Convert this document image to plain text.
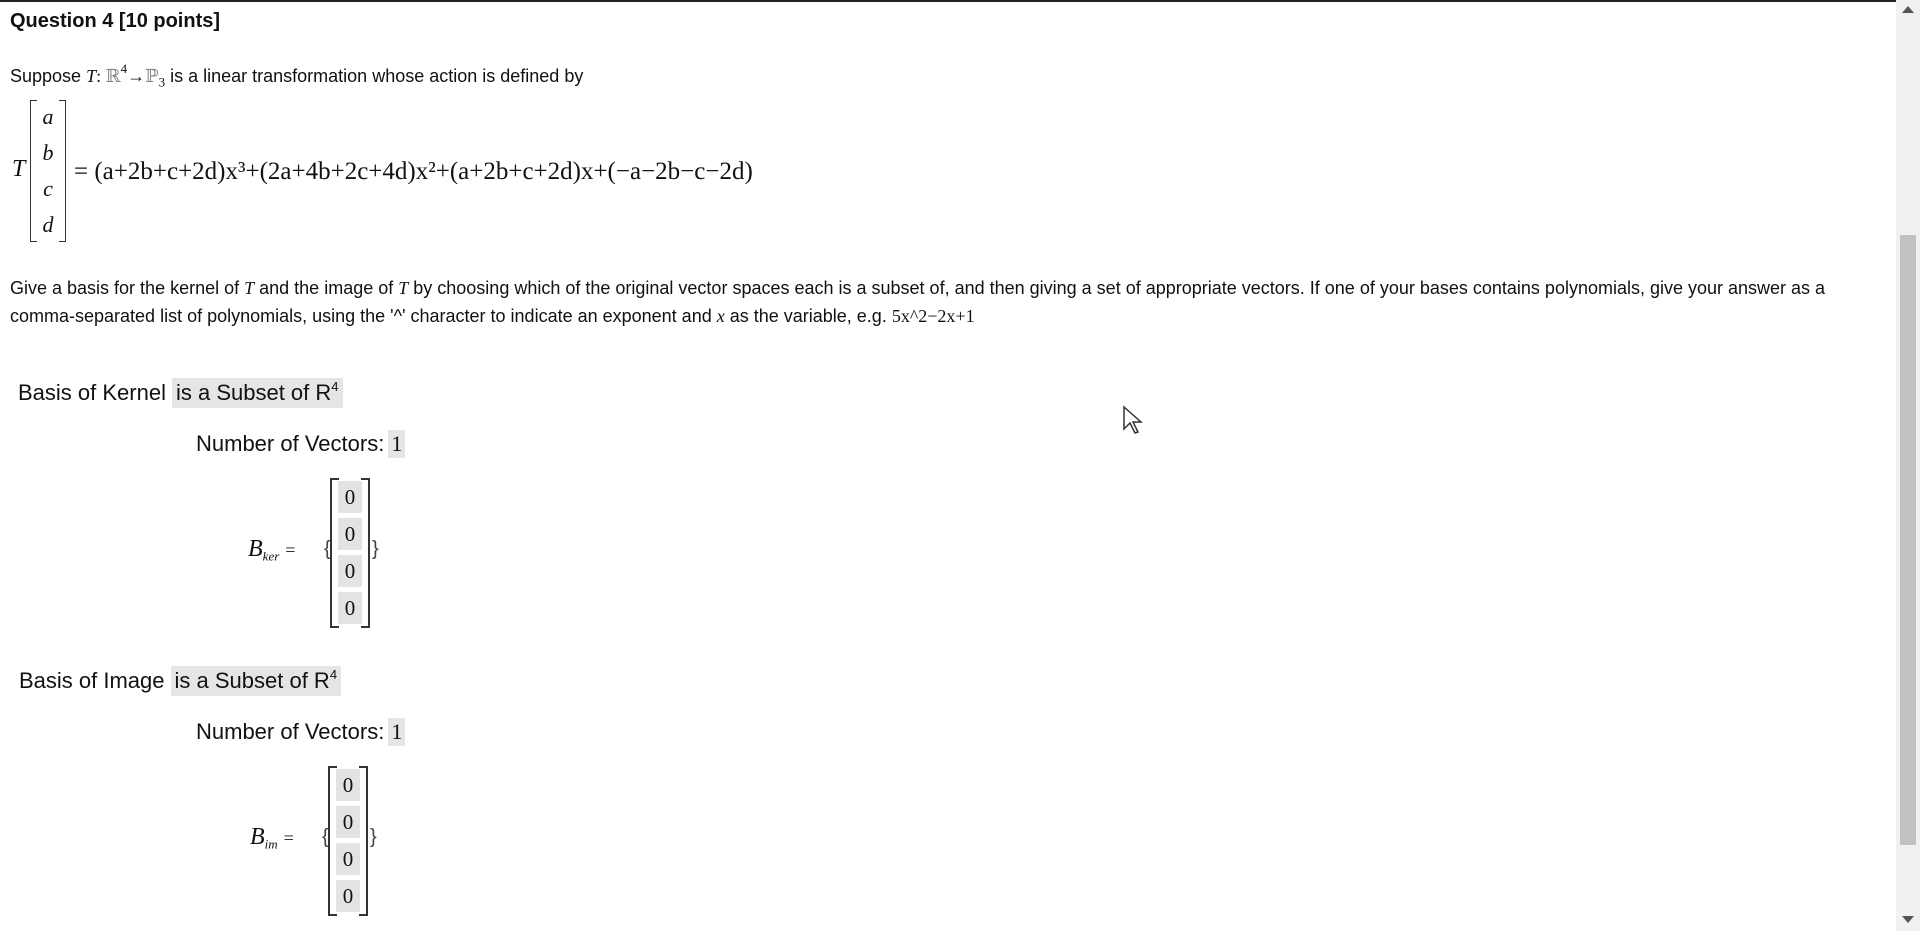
Question 4 [10 points]
Suppose T: ℝ$^4$→ℙ$_3$ is a linear transformation whose action is defined by
T
a
b
c
d
= (a+2b+c+2d)x³+(2a+4b+2c+4d)x²+(a+2b+c+2d)x+(−a−2b−c−2d)
Give a basis for the kernel of T and the image of T by choosing which of the original vector spaces each is a subset of, and then giving a set of appropriate vectors. If one of your bases contains polynomials, give your answer as a comma-separated list of polynomials, using the '^' character to indicate an exponent and x as the variable, e.g. 5x^2−2x+1
Basis of Kernel is a Subset of $R^4$
Number of Vectors: 1
$B_{ker}$ = {
0
0
0
0
}
Basis of Image is a Subset of $R^4$
Number of Vectors: 1
$B_{im}$ = {
0
0
0
0
}
